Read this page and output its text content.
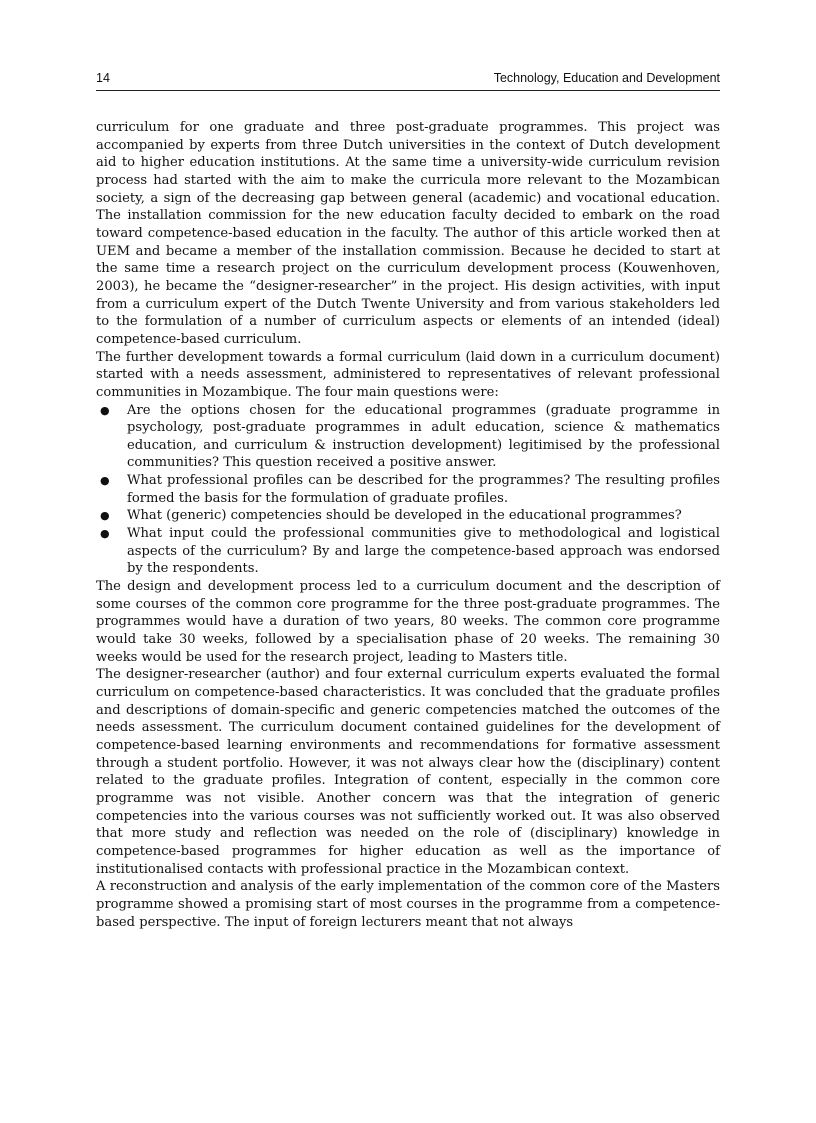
14	Technology, Education and Development

curriculum for one graduate and three post-graduate programmes. This project was accompanied by experts from three Dutch universities in the context of Dutch development aid to higher education institutions. At the same time a university-wide curriculum revision process had started with the aim to make the curricula more relevant to the Mozambican society, a sign of the decreasing gap between general (academic) and vocational education. The installation commission for the new education faculty decided to embark on the road toward competence-based education in the faculty. The author of this article worked then at UEM and became a member of the installation commission. Because he decided to start at the same time a research project on the curriculum development process (Kouwenhoven, 2003), he became the “designer-researcher” in the project. His design activities, with input from a curriculum expert of the Dutch Twente University and from various stakeholders led to the formulation of a number of curriculum aspects or elements of an intended (ideal) competence-based curriculum.

The further development towards a formal curriculum (laid down in a curriculum document) started with a needs assessment, administered to representatives of relevant professional communities in Mozambique. The four main questions were:

● Are the options chosen for the educational programmes (graduate programme in psychology, post-graduate programmes in adult education, science & mathematics education, and curriculum & instruction development) legitimised by the professional communities? This question received a positive answer.
● What professional profiles can be described for the programmes? The resulting profiles formed the basis for the formulation of graduate profiles.
● What (generic) competencies should be developed in the educational programmes?
● What input could the professional communities give to methodological and logistical aspects of the curriculum? By and large the competence-based approach was endorsed by the respondents.

The design and development process led to a curriculum document and the description of some courses of the common core programme for the three post-graduate programmes. The programmes would have a duration of two years, 80 weeks. The common core programme would take 30 weeks, followed by a specialisation phase of 20 weeks. The remaining 30 weeks would be used for the research project, leading to Masters title.

The designer-researcher (author) and four external curriculum experts evaluated the formal curriculum on competence-based characteristics. It was concluded that the graduate profiles and descriptions of domain-specific and generic competencies matched the outcomes of the needs assessment. The curriculum document contained guidelines for the development of competence-based learning environments and recommendations for formative assessment through a student portfolio. However, it was not always clear how the (disciplinary) content related to the graduate profiles. Integration of content, especially in the common core programme was not visible. Another concern was that the integration of generic competencies into the various courses was not sufficiently worked out. It was also observed that more study and reflection was needed on the role of (disciplinary) knowledge in competence-based programmes for higher education as well as the importance of institutionalised contacts with professional practice in the Mozambican context.

A reconstruction and analysis of the early implementation of the common core of the Masters programme showed a promising start of most courses in the programme from a competence-based perspective. The input of foreign lecturers meant that not always
